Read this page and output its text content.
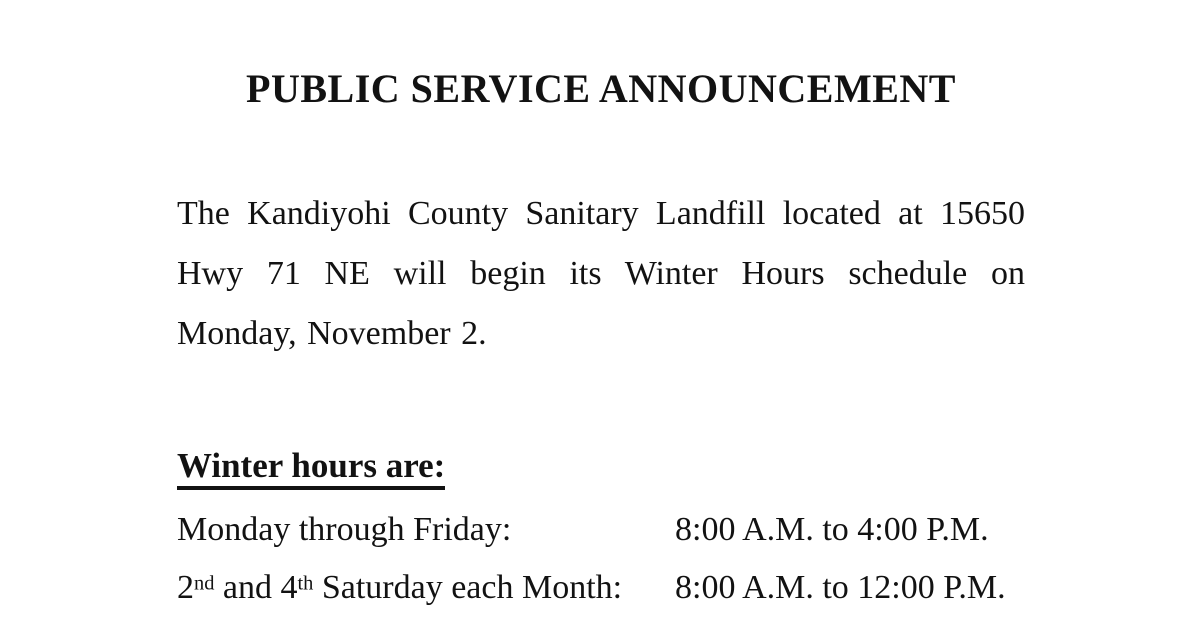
PUBLIC SERVICE ANNOUNCEMENT
The Kandiyohi County Sanitary Landfill located at 15650
Hwy 71 NE will begin its Winter Hours schedule on
Monday, November 2.
Winter hours are:
Monday through Friday:	8:00 A.M. to 4:00 P.M.
2nd and 4th Saturday each Month:	8:00 A.M. to 12:00 P.M.
